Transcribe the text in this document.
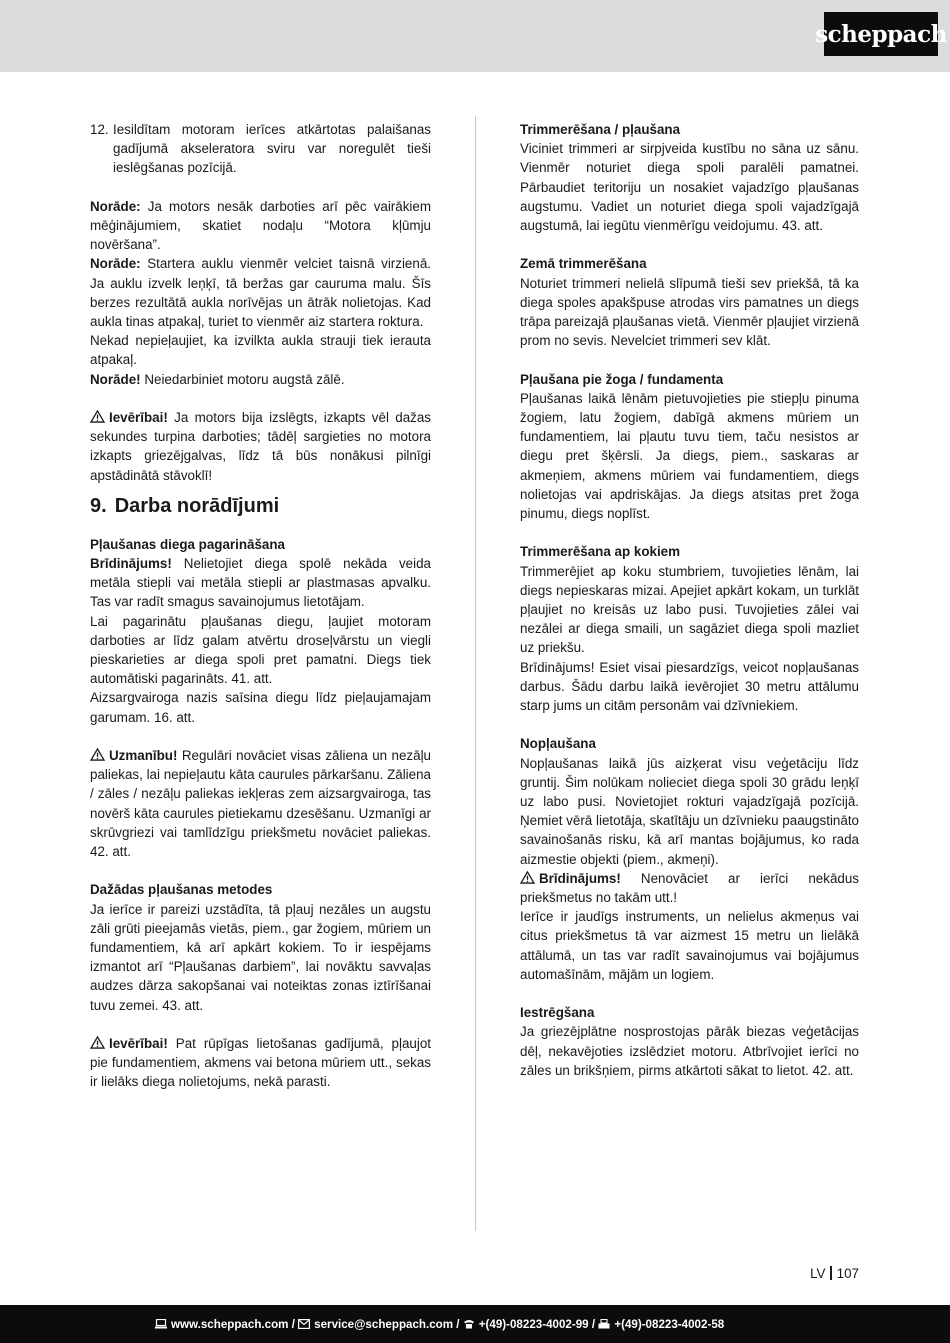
scheppach
12. Iesildītam motoram ierīces atkārtotas palaišanas gadījumā akseleratora sviru var noregulēt tieši ieslēgšanas pozīcijā.

Norāde: Ja motors nesāk darboties arī pēc vairākiem mēģinājumiem, skatiet nodaļu “Motora kļūmju novēršana”.

Norāde: Startera auklu vienmēr velciet taisnā virzienā. Ja auklu izvelk leņķī, tā beržas gar cauruma malu. Šīs berzes rezultātā aukla norīvējas un ātrāk nolietojas. Kad aukla tinas atpakaļ, turiet to vienmēr aiz startera roktura.

Nekad nepieļaujiet, ka izvilkta aukla strauji tiek ierauta atpakaļ.

Norāde! Neiedarbiniet motoru augstā zālē.

Ievērībai! Ja motors bija izslēgts, izkapts vēl dažas sekundes turpina darboties; tādēļ sargieties no motora izkapts griezējgalvas, līdz tā būs nonākusi pilnīgi apstādinātā stāvoklī!

9. Darba norādījumi

Pļaušanas diega pagarināšana

Brīdinājums! Nelietojiet diega spolē nekāda veida metāla stiepli vai metāla stiepli ar plastmasas apvalku. Tas var radīt smagus savainojumus lietotājam.

Lai pagarinātu pļaušanas diegu, ļaujiet motoram darboties ar līdz galam atvērtu droseļvārstu un viegli pieskarieties ar diega spoli pret pamatni. Diegs tiek automātiski pagarināts. 41. att.

Aizsargvairoga nazis saīsina diegu līdz pieļaujamajam garumam. 16. att.

Uzmanību! Regulāri novāciet visas zāliena un nezāļu paliekas, lai nepieļautu kāta caurules pārkaršanu. Zāliena / zāles / nezāļu paliekas iekļeras zem aizsargvairoga, tas novērš kāta caurules pietiekamu dzesēšanu. Uzmanīgi ar skrūvgriezi vai tamlīdzīgu priekšmetu novāciet paliekas. 42. att.

Dažādas pļaušanas metodes

Ja ierīce ir pareizi uzstādīta, tā pļauj nezāles un augstu zāli grūti pieejamās vietās, piem., gar žogiem, mūriem un fundamentiem, kā arī apkārt kokiem. To ir iespējams izmantot arī “Pļaušanas darbiem”, lai novāktu savvaļas audzes dārza sakopšanai vai noteiktas zonas iztīrīšanai tuvu zemei. 43. att.

Ievērībai! Pat rūpīgas lietošanas gadījumā, pļaujot pie fundamentiem, akmens vai betona mūriem utt., sekas ir lielāks diega nolietojums, nekā parasti.

Trimmerēšana / pļaušana

Viciniet trimmeri ar sirpjveida kustību no sāna uz sānu. Vienmēr noturiet diega spoli paralēli pamatnei. Pārbaudiet teritoriju un nosakiet vajadzīgo pļaušanas augstumu. Vadiet un noturiet diega spoli vajadzīgajā augstumā, lai iegūtu vienmērīgu veidojumu. 43. att.

Zemā trimmerēšana

Noturiet trimmeri nelielā slīpumā tieši sev priekšā, tā ka diega spoles apakšpuse atrodas virs pamatnes un diegs trāpa pareizajā pļaušanas vietā. Vienmēr pļaujiet virzienā prom no sevis. Nevelciet trimmeri sev klāt.

Pļaušana pie žoga / fundamenta

Pļaušanas laikā lēnām pietuvojieties pie stiepļu pinuma žogiem, latu žogiem, dabīgā akmens mūriem un fundamentiem, lai pļautu tuvu tiem, taču nesistos ar diegu pret šķērsli. Ja diegs, piem., saskaras ar akmeņiem, akmens mūriem vai fundamentiem, diegs nolietojas vai apdriskājas. Ja diegs atsitas pret žoga pinumu, diegs noplīst.

Trimmerēšana ap kokiem

Trimmerējiet ap koku stumbriem, tuvojieties lēnām, lai diegs nepieskaras mizai. Apejiet apkārt kokam, un turklāt pļaujiet no kreisās uz labo pusi. Tuvojieties zālei vai nezālei ar diega smaili, un sagāziet diega spoli mazliet uz priekšu.

Brīdinājums! Esiet visai piesardzīgs, veicot nopļaušanas darbus. Šādu darbu laikā ievērojiet 30 metru attālumu starp jums un citām personām vai dzīvniekiem.

Nopļaušana

Nopļaušanas laikā jūs aizķerat visu veģetāciju līdz gruntij. Šim nolūkam nolieciet diega spoli 30 grādu leņķī uz labo pusi. Novietojiet rokturi vajadzīgajā pozīcijā. Ņemiet vērā lietotāja, skatītāju un dzīvnieku paaugstināto savainošanās risku, kā arī mantas bojājumus, ko rada aizmestie objekti (piem., akmeņi).

Brīdinājums! Nenovāciet ar ierīci nekādus priekšmetus no takām utt.!

Ierīce ir jaudīgs instruments, un nelielus akmeņus vai citus priekšmetus tā var aizmest 15 metru un lielākā attālumā, un tas var radīt savainojumus vai bojājumus automašīnām, mājām un logiem.

Iestrēgšana

Ja griezējplātne nosprostojas pārāk biezas veģetācijas dēļ, nekavējoties izslēdziet motoru. Atbrīvojiet ierīci no zāles un brikšņiem, pirms atkārtoti sākat to lietot. 42. att.

LV 107
www.scheppach.com / service@scheppach.com / +(49)-08223-4002-99 / +(49)-08223-4002-58
